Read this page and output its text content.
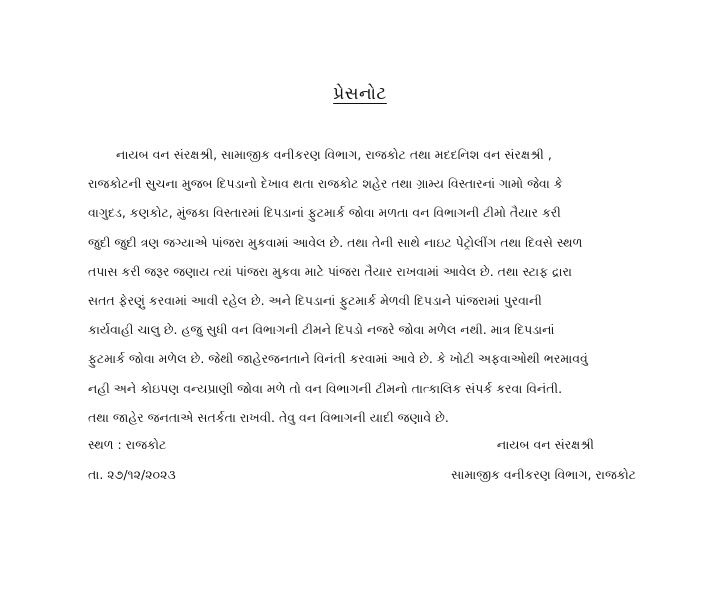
પ્રેસનોટ
નાયબ વન સંરક્ષશ્રી, સામાજીક વનીકરણ વિભાગ, રાજકોટ તથા મદદનિશ વન સંરક્ષશ્રી ,
રાજકોટની સુચના મુજબ દિપડાનો દેખાવ થતા રાજકોટ શહેર તથા ગ્રામ્ય વિસ્તારનાં ગામો જેવા કે
વાગુદડ, કણકોટ, મુંજકા વિસ્તારમાં દિપડાનાં ફુટમાર્ક જોવા મળતા વન વિભાગની ટીમો તૈયાર કરી
જુદી જુદી ત્રણ જગ્યાએ પાંજરા મુકવામાં આવેલ છે. તથા તેની સાથે નાઇટ પેટ્રોલીંગ તથા દિવસે સ્થળ
તપાસ કરી જરૂર જણાય ત્યાં પાંજરા મુકવા માટે પાંજરા તૈયાર રાખવામાં આવેલ છે. તથા સ્ટાફ દ્રારા
સતત ફેરણું કરવામાં આવી રહેલ છે. અને દિપડાનાં ફુટમાર્ક મેળવી દિપડાને પાંજરામાં પુરવાની
કાર્યવાહી ચાલુ છે. હજુ સુધી વન વિભાગની ટીમને દિપડો નજરે જોવા મળેલ નથી. માત્ર દિપડાનાં
ફુટમાર્ક જોવા મળેલ છે. જેથી જાહેરજનતાને વિનંતી કરવામાં આવે છે. કે ખોટી અફવાઓથી ભરમાવવું
નહી અને કોઇપણ વન્યપ્રાણી જોવા મળે તો વન વિભાગની ટીમનો તાત્કાલિક સંપર્ક કરવા વિનંતી.
તથા જાહેર જનતાએ સતર્કતા રાખવી. તેવુ વન વિભાગની યાદી જણાવે છે.
સ્થળ : રાજકોટ
તા. ૨૭/૧૨/૨૦૨૩
નાયબ વન સંરક્ષશ્રી
સામાજીક વનીકરણ વિભાગ, રાજકોટ
